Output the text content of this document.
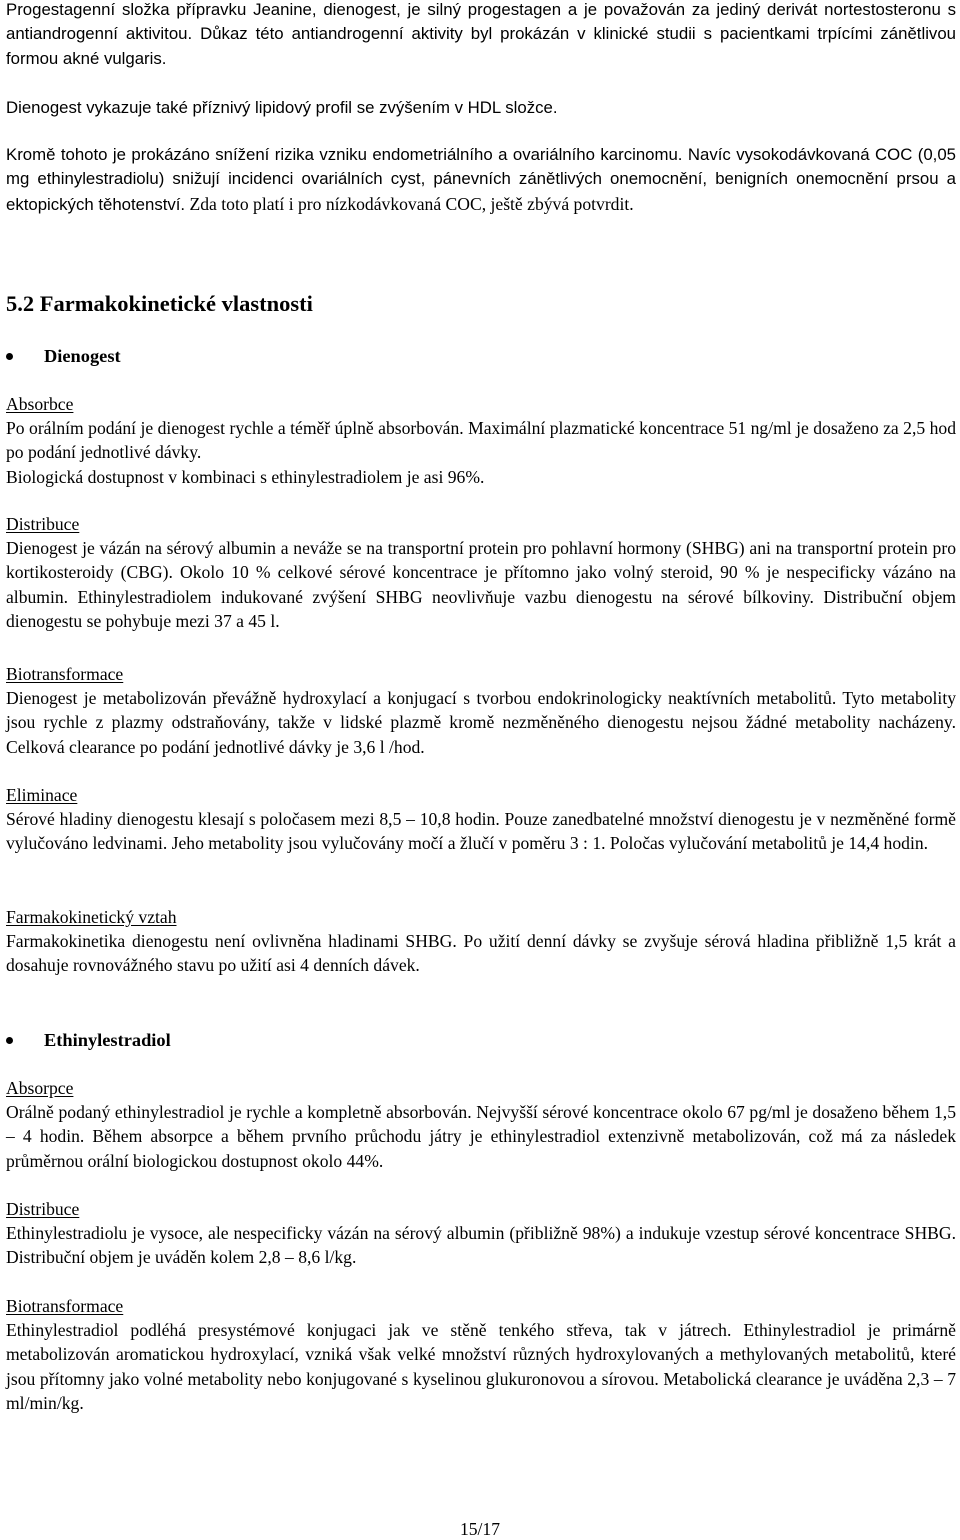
Progestagenní složka přípravku Jeanine, dienogest, je silný progestagen a je považován za jediný derivát nortestosteronu s antiandrogenní aktivitou. Důkaz této antiandrogenní aktivity byl prokázán v klinické studii s pacientkami trpícími zánětlivou formou akné vulgaris.

Dienogest vykazuje také příznivý lipidový profil se zvýšením v HDL složce.

Kromě tohoto je prokázáno snížení rizika vzniku endometriálního a ovariálního karcinomu. Navíc vysokodávkovaná COC (0,05 mg ethinylestradiolu) snižují incidenci ovariálních cyst, pánevních zánětlivých onemocnění, benigních onemocnění prsou a ektopických těhotenství. Zda toto platí i pro nízkodávkovaná COC, ještě zbývá potvrdit.

5.2 Farmakokinetické vlastnosti
Dienogest
Absorbce

Po orálním podání je dienogest rychle a téměř úplně absorbován. Maximální plazmatické koncentrace 51 ng/ml je dosaženo za 2,5 hod po podání jednotlivé dávky.

Biologická dostupnost v kombinaci s ethinylestradiolem je asi 96%.

Distribuce

Dienogest je vázán na sérový albumin a neváže se na transportní protein pro pohlavní hormony (SHBG) ani na transportní protein pro kortikosteroidy (CBG). Okolo 10 % celkové sérové koncentrace je přítomno jako volný steroid, 90 % je nespecificky vázáno na albumin. Ethinylestradiolem indukované zvýšení SHBG neovlivňuje vazbu dienogestu na sérové bílkoviny. Distribuční objem dienogestu se pohybuje mezi 37 a 45 l.

Biotransformace

Dienogest je metabolizován převážně hydroxylací a konjugací s tvorbou endokrinologicky neaktívních metabolitů. Tyto metabolity jsou rychle z plazmy odstraňovány, takže v lidské plazmě kromě nezměněného dienogestu nejsou žádné metabolity nacházeny. Celková clearance po podání jednotlivé dávky je 3,6 l /hod.

Eliminace

Sérové hladiny dienogestu klesají s poločasem mezi 8,5 – 10,8 hodin. Pouze zanedbatelné množství dienogestu je v nezměněné formě vylučováno ledvinami. Jeho metabolity jsou vylučovány močí a žlučí v poměru 3 : 1. Poločas vylučování metabolitů je 14,4 hodin.

Farmakokinetický vztah

Farmakokinetika dienogestu není ovlivněna hladinami SHBG. Po užití denní dávky se zvyšuje sérová hladina přibližně 1,5 krát a dosahuje rovnovážného stavu po užití asi 4 denních dávek.

Ethinylestradiol
Absorpce

Orálně podaný ethinylestradiol je rychle a kompletně absorbován. Nejvyšší sérové koncentrace okolo 67 pg/ml je dosaženo během 1,5 – 4 hodin. Během absorpce a během prvního průchodu játry je ethinylestradiol extenzivně metabolizován, což má za následek průměrnou orální biologickou dostupnost okolo 44%.

Distribuce

Ethinylestradiolu je vysoce, ale nespecificky vázán na sérový albumin (přibližně 98%) a indukuje vzestup sérové koncentrace SHBG. Distribuční objem je uváděn kolem 2,8 – 8,6 l/kg.

Biotransformace

Ethinylestradiol podléhá presystémové konjugaci jak ve stěně tenkého střeva, tak v játrech. Ethinylestradiol je primárně metabolizován aromatickou hydroxylací, vzniká však velké množství různých hydroxylovaných a methylovaných metabolitů, které jsou přítomny jako volné metabolity nebo konjugované s kyselinou glukuronovou a sírovou. Metabolická clearance je uváděna 2,3 – 7 ml/min/kg.

15/17
